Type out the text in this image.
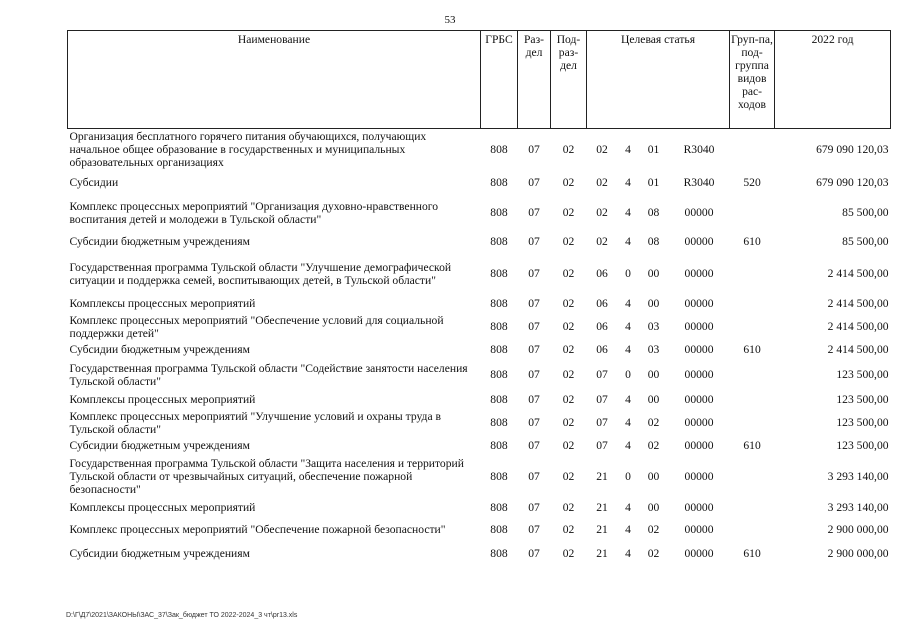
53
Наименование	ГРБС	Раз-дел	Под-раз-дел	Целевая статья				Груп-па, под-группа видов рас-ходов	2022 год
Организация бесплатного горячего питания обучающихся, получающих начальное общее образование в государственных и муниципальных образовательных организациях	808	07	02	02	4	01	R3040		679 090 120,03
Субсидии	808	07	02	02	4	01	R3040	520	679 090 120,03
Комплекс процессных мероприятий "Организация духовно-нравственного воспитания детей и молодежи в Тульской области"	808	07	02	02	4	08	00000		85 500,00
Субсидии бюджетным учреждениям	808	07	02	02	4	08	00000	610	85 500,00
Государственная программа Тульской области "Улучшение демографической ситуации и поддержка семей, воспитывающих детей, в Тульской области"	808	07	02	06	0	00	00000		2 414 500,00
Комплексы процессных мероприятий	808	07	02	06	4	00	00000		2 414 500,00
Комплекс процессных мероприятий "Обеспечение условий для социальной поддержки детей"	808	07	02	06	4	03	00000		2 414 500,00
Субсидии бюджетным учреждениям	808	07	02	06	4	03	00000	610	2 414 500,00
Государственная программа Тульской области "Содействие занятости населения Тульской области"	808	07	02	07	0	00	00000		123 500,00
Комплексы процессных мероприятий	808	07	02	07	4	00	00000		123 500,00
Комплекс процессных мероприятий "Улучшение условий и охраны труда в Тульской области"	808	07	02	07	4	02	00000		123 500,00
Субсидии бюджетным учреждениям	808	07	02	07	4	02	00000	610	123 500,00
Государственная программа Тульской области "Защита населения и территорий Тульской области от чрезвычайных ситуаций, обеспечение пожарной безопасности"	808	07	02	21	0	00	00000		3 293 140,00
Комплексы процессных мероприятий	808	07	02	21	4	00	00000		3 293 140,00
Комплекс процессных мероприятий "Обеспечение пожарной безопасности"	808	07	02	21	4	02	00000		2 900 000,00
Субсидии бюджетным учреждениям	808	07	02	21	4	02	00000	610	2 900 000,00
D:\Г\Д7\2021\ЗАКОНЫ\ЗАС_37\Зак_бюджет ТО 2022-2024_3 чт\pr13.xls
